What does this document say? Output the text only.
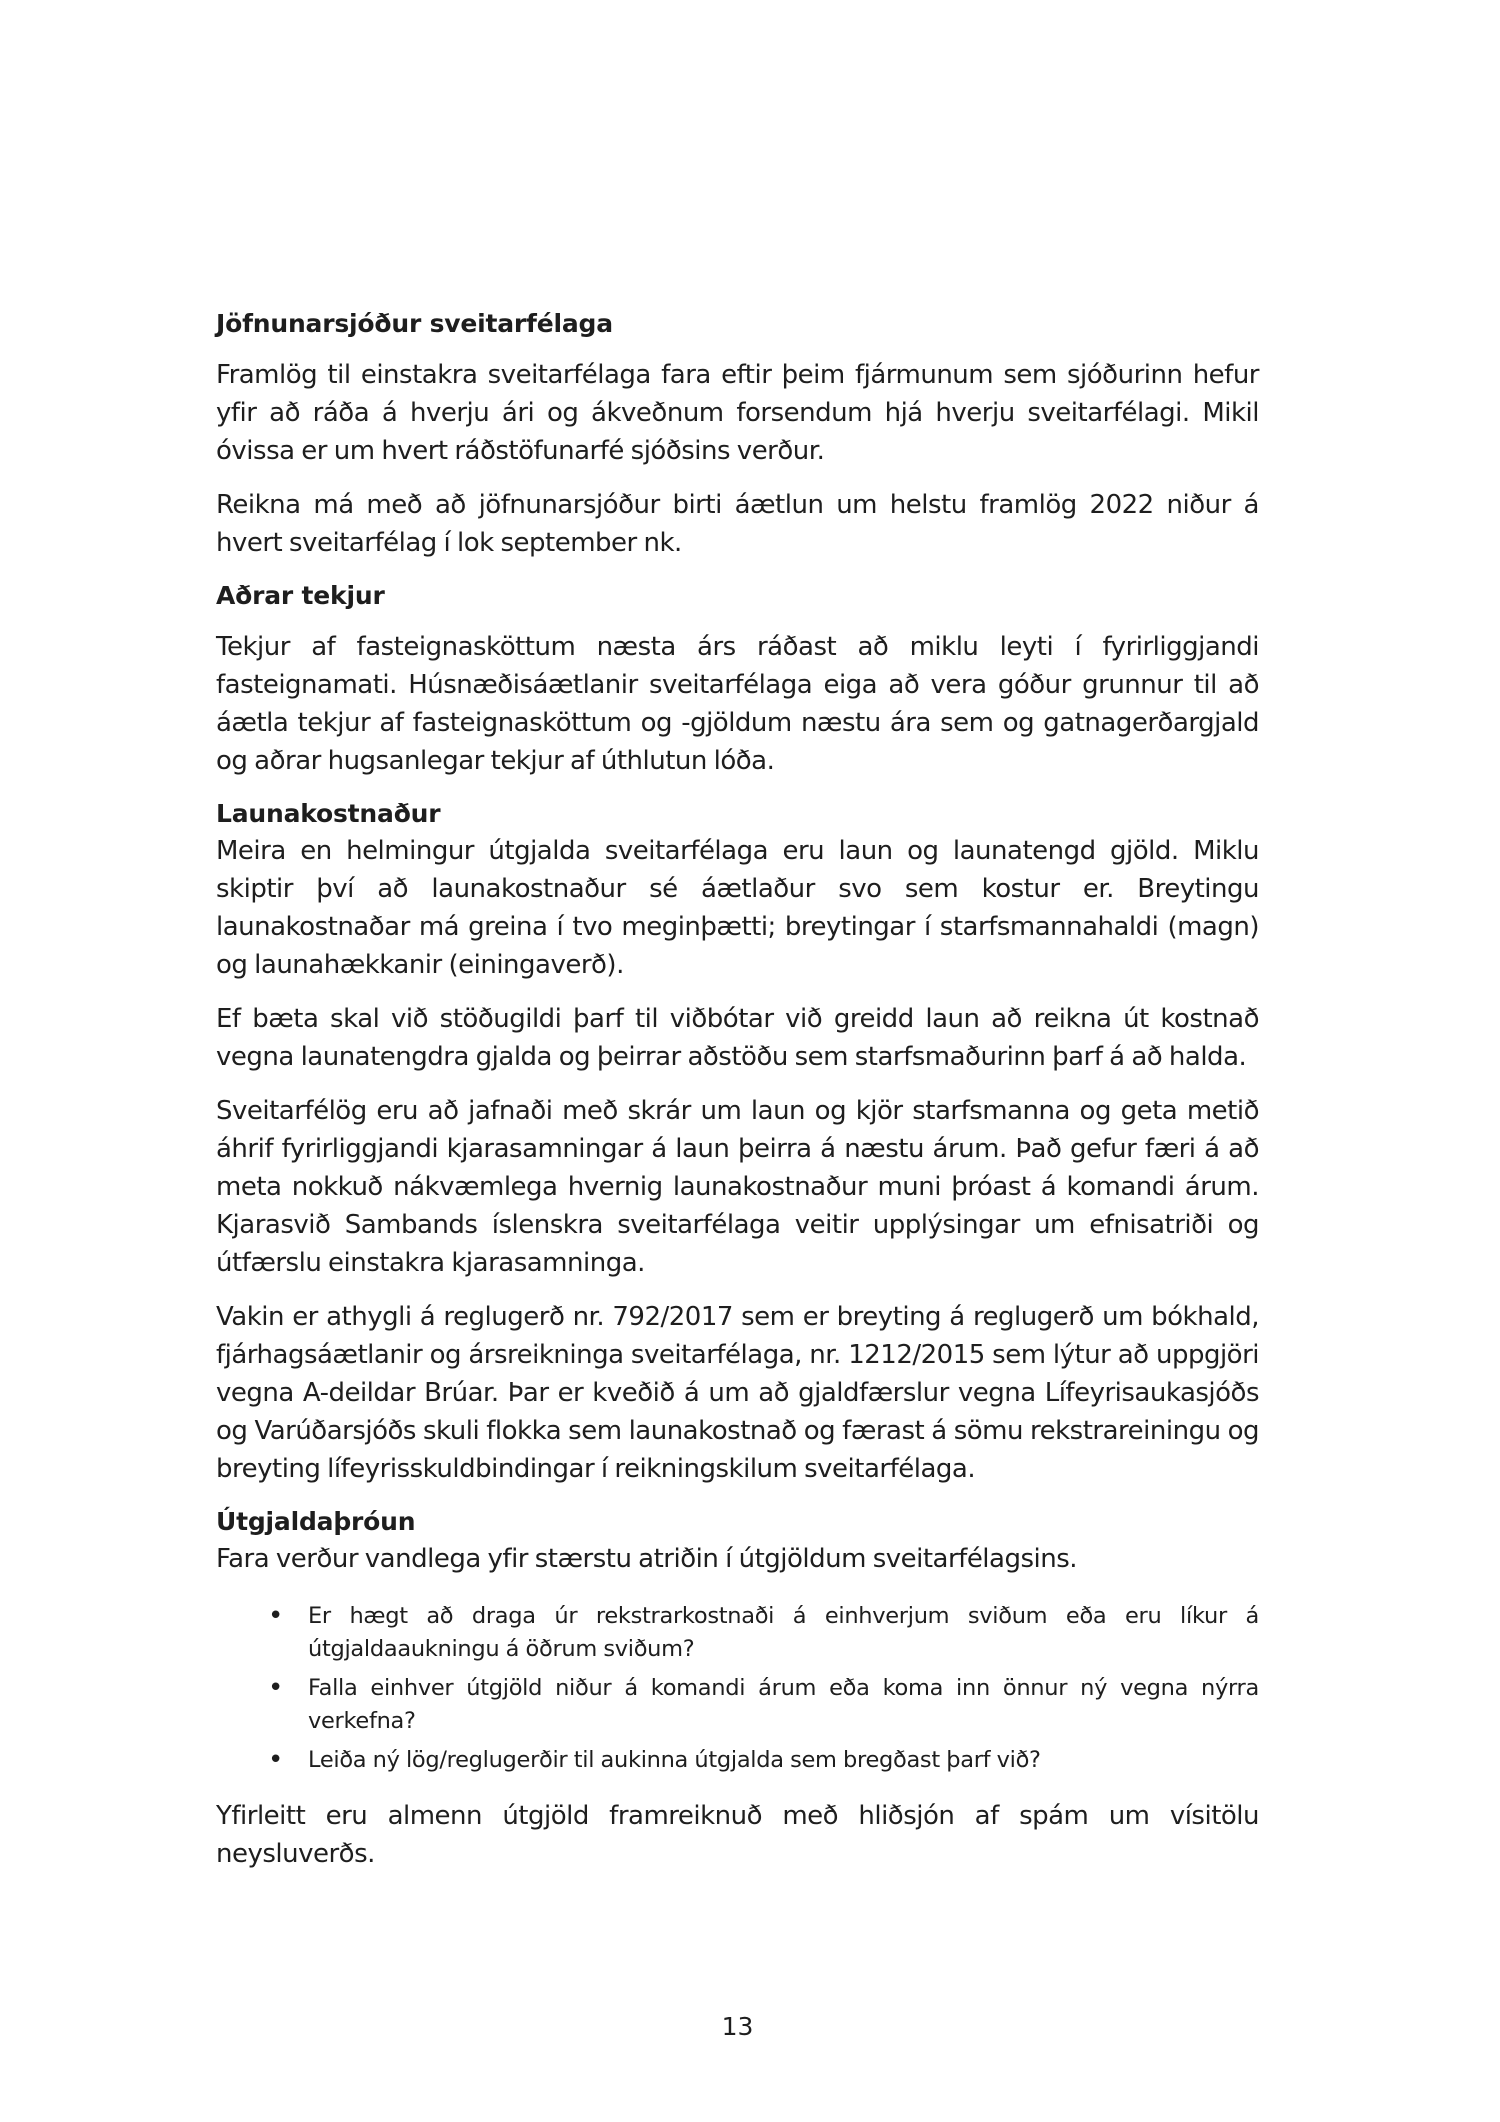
Jöfnunarsjóður sveitarfélaga

Framlög til einstakra sveitarfélaga fara eftir þeim fjármunum sem sjóðurinn hefur yfir að ráða á hverju ári og ákveðnum forsendum hjá hverju sveitarfélagi. Mikil óvissa er um hvert ráðstöfunarfé sjóðsins verður.

Reikna má með að jöfnunarsjóður birti áætlun um helstu framlög 2022 niður á hvert sveitarfélag í lok september nk.

Aðrar tekjur

Tekjur af fasteignasköttum næsta árs ráðast að miklu leyti í fyrirliggjandi fasteignamati. Húsnæðisáætlanir sveitarfélaga eiga að vera góður grunnur til að áætla tekjur af fasteignasköttum og -gjöldum næstu ára sem og gatnagerðargjald og aðrar hugsanlegar tekjur af úthlutun lóða.

Launakostnaður

Meira en helmingur útgjalda sveitarfélaga eru laun og launatengd gjöld. Miklu skiptir því að launakostnaður sé áætlaður svo sem kostur er. Breytingu launakostnaðar má greina í tvo meginþætti; breytingar í starfsmannahaldi (magn) og launahækkanir (einingaverð).

Ef bæta skal við stöðugildi þarf til viðbótar við greidd laun að reikna út kostnað vegna launatengdra gjalda og þeirrar aðstöðu sem starfsmaðurinn þarf á að halda.

Sveitarfélög eru að jafnaði með skrár um laun og kjör starfsmanna og geta metið áhrif fyrirliggjandi kjarasamningar á laun þeirra á næstu árum. Það gefur færi á að meta nokkuð nákvæmlega hvernig launakostnaður muni þróast á komandi árum. Kjarasvið Sambands íslenskra sveitarfélaga veitir upplýsingar um efnisatriði og útfærslu einstakra kjarasamninga.

Vakin er athygli á reglugerð nr. 792/2017 sem er breyting á reglugerð um bókhald, fjárhagsáætlanir og ársreikninga sveitarfélaga, nr. 1212/2015 sem lýtur að uppgjöri vegna A-deildar Brúar. Þar er kveðið á um að gjaldfærslur vegna Lífeyrisaukasjóðs og Varúðarsjóðs skuli flokka sem launakostnað og færast á sömu rekstrareiningu og breyting lífeyrisskuldbindingar í reikningskilum sveitarfélaga.

Útgjaldaþróun

Fara verður vandlega yfir stærstu atriðin í útgjöldum sveitarfélagsins.

• Er hægt að draga úr rekstrarkostnaði á einhverjum sviðum eða eru líkur á útgjaldaaukningu á öðrum sviðum?
• Falla einhver útgjöld niður á komandi árum eða koma inn önnur ný vegna nýrra verkefna?
• Leiða ný lög/reglugerðir til aukinna útgjalda sem bregðast þarf við?

Yfirleitt eru almenn útgjöld framreiknuð með hliðsjón af spám um vísitölu neysluverðs.

13
